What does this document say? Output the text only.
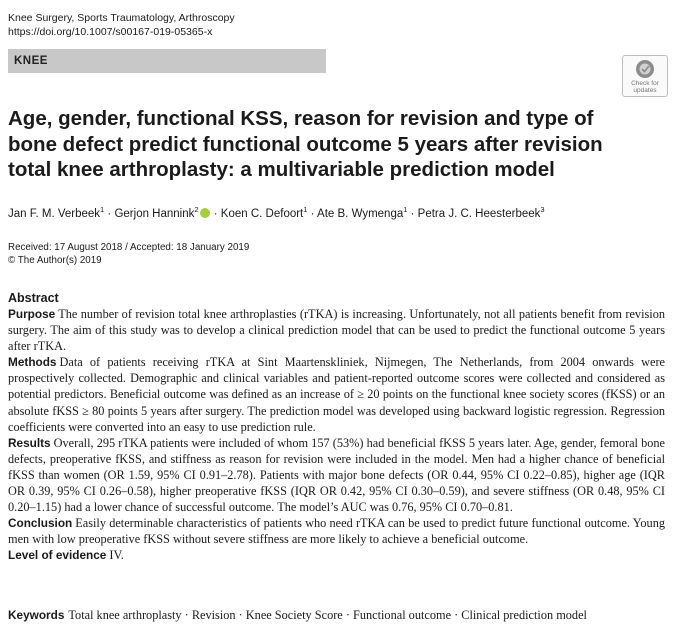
Knee Surgery, Sports Traumatology, Arthroscopy
https://doi.org/10.1007/s00167-019-05365-x
KNEE
Check for
updates
Age, gender, functional KSS, reason for revision and type of bone defect predict functional outcome 5 years after revision total knee arthroplasty: a multivariable prediction model
Jan F. M. Verbeek$^1$ · Gerjon Hannink$^2$ · Koen C. Defoort$^1$ · Ate B. Wymenga$^1$ · Petra J. C. Heesterbeek$^3$
Received: 17 August 2018 / Accepted: 18 January 2019
© The Author(s) 2019
Abstract

Purpose The number of revision total knee arthroplasties (rTKA) is increasing. Unfortunately, not all patients benefit from revision surgery. The aim of this study was to develop a clinical prediction model that can be used to predict the functional outcome 5 years after rTKA.

Methods Data of patients receiving rTKA at Sint Maartenskliniek, Nijmegen, The Netherlands, from 2004 onwards were prospectively collected. Demographic and clinical variables and patient-reported outcome scores were collected and considered as potential predictors. Beneficial outcome was defined as an increase of ≥ 20 points on the functional knee society scores (fKSS) or an absolute fKSS ≥ 80 points 5 years after surgery. The prediction model was developed using backward logistic regression. Regression coefficients were converted into an easy to use prediction rule.

Results Overall, 295 rTKA patients were included of whom 157 (53%) had beneficial fKSS 5 years later. Age, gender, femoral bone defects, preoperative fKSS, and stiffness as reason for revision were included in the model. Men had a higher chance of beneficial fKSS than women (OR 1.59, 95% CI 0.91–2.78). Patients with major bone defects (OR 0.44, 95% CI 0.22–0.85), higher age (IQR OR 0.39, 95% CI 0.26–0.58), higher preoperative fKSS (IQR OR 0.42, 95% CI 0.30–0.59), and severe stiffness (OR 0.48, 95% CI 0.20–1.15) had a lower chance of successful outcome. The model’s AUC was 0.76, 95% CI 0.70–0.81.

Conclusion Easily determinable characteristics of patients who need rTKA can be used to predict future functional outcome. Young men with low preoperative fKSS without severe stiffness are more likely to achieve a beneficial outcome.

Level of evidence IV.

Keywords Total knee arthroplasty · Revision · Knee Society Score · Functional outcome · Clinical prediction model
